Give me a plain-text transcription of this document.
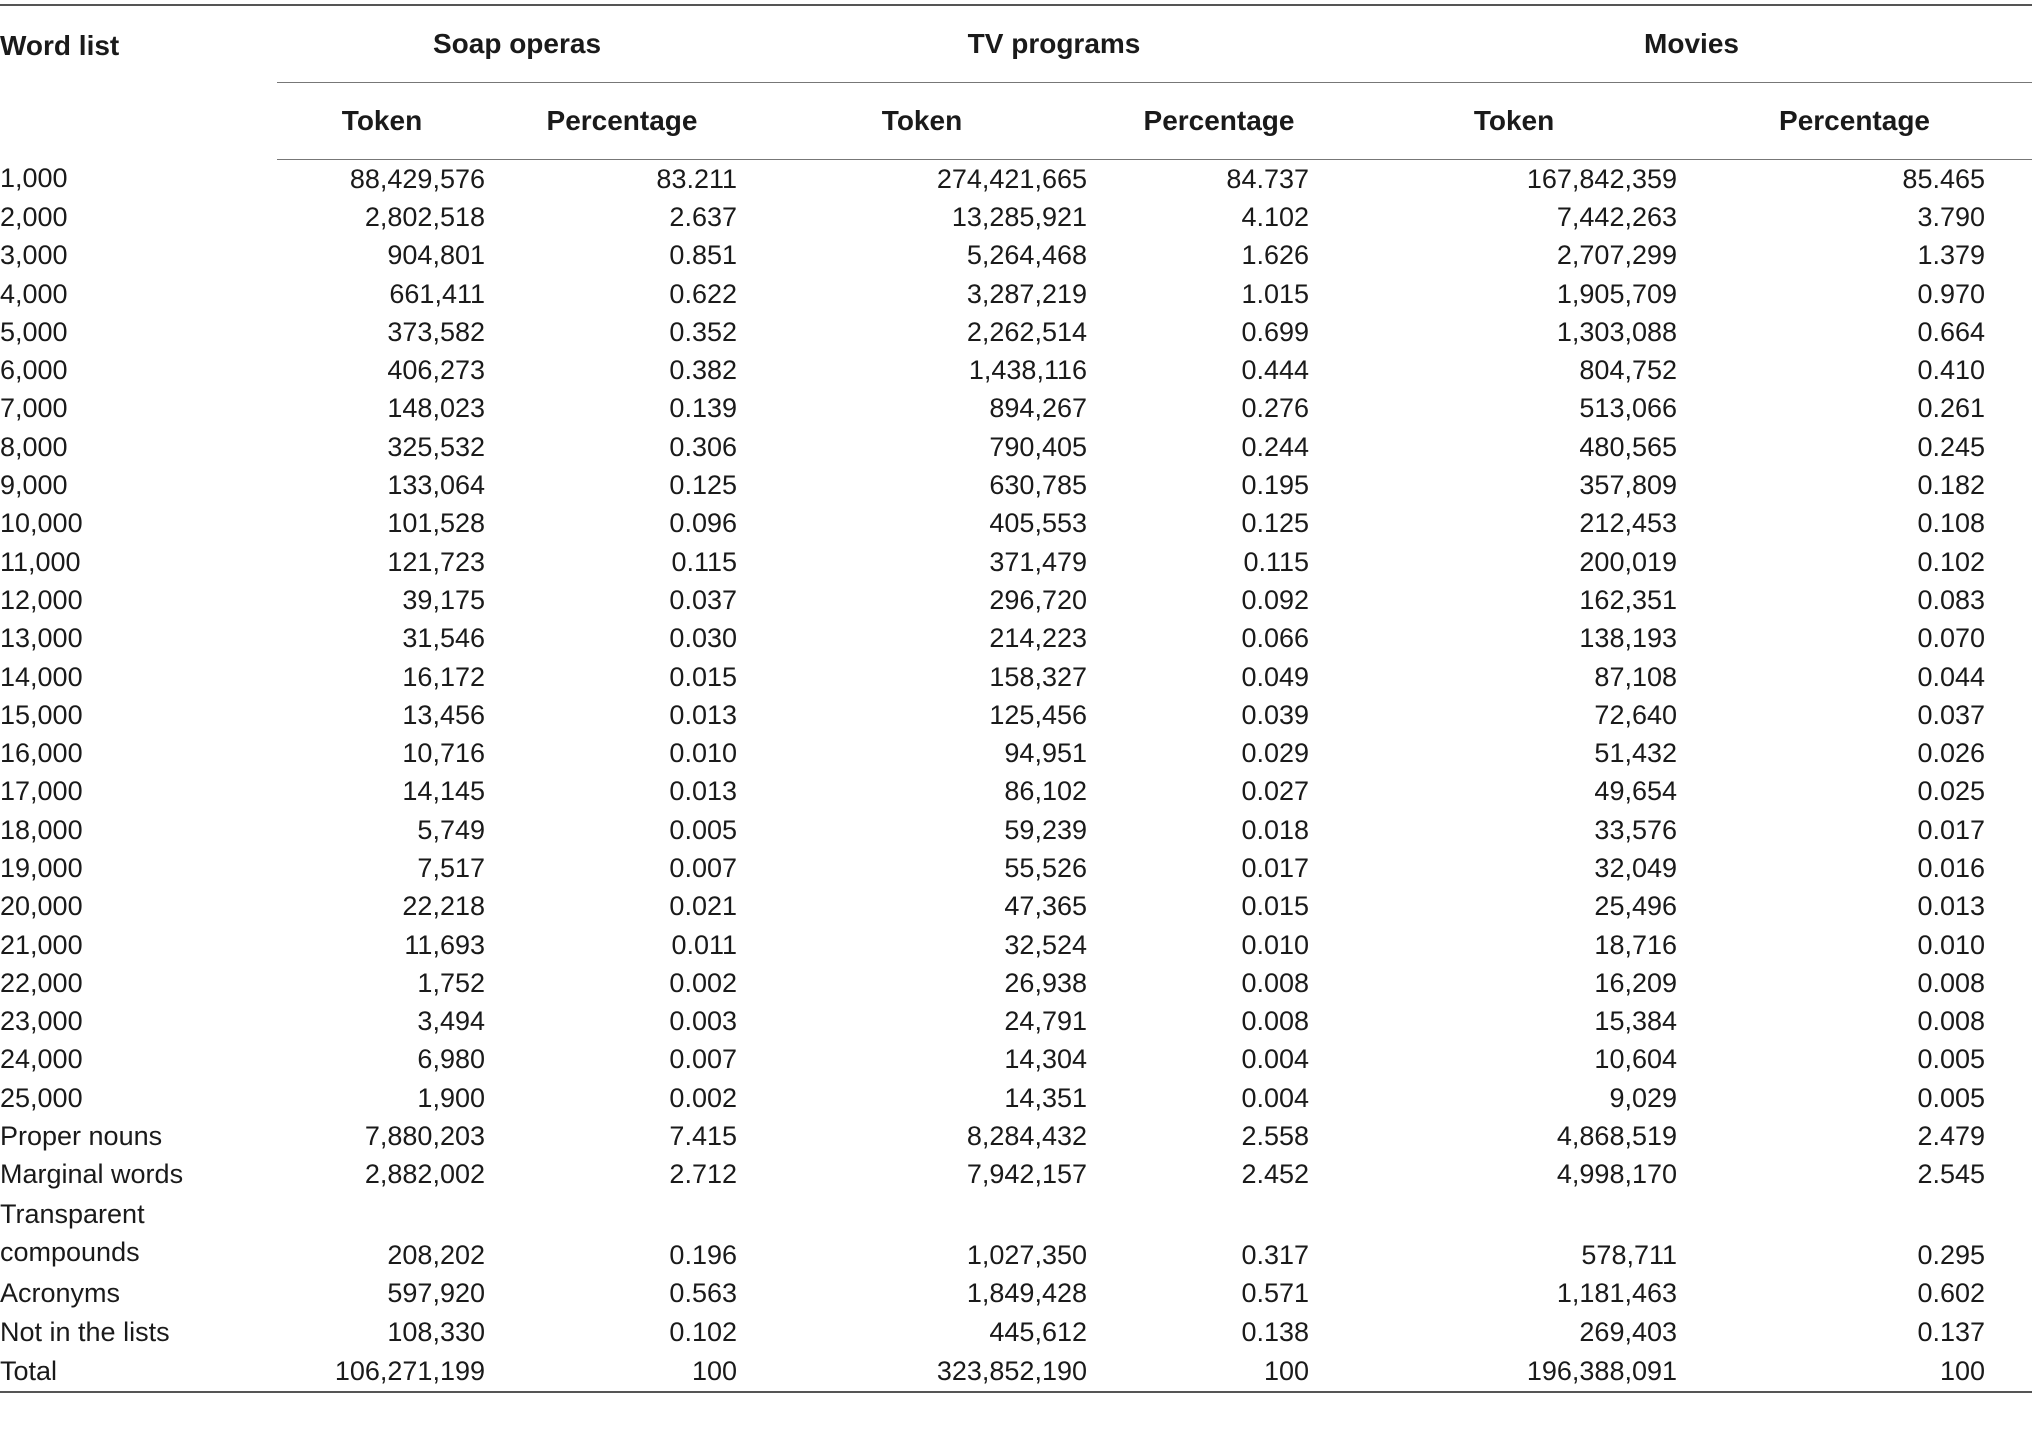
Word list	Soap operas		TV programs		Movies	
	Token	Percentage	Token	Percentage	Token	Percentage
1,000	88,429,576	83.211	274,421,665	84.737	167,842,359	85.465
2,000	2,802,518	2.637	13,285,921	4.102	7,442,263	3.790
3,000	904,801	0.851	5,264,468	1.626	2,707,299	1.379
4,000	661,411	0.622	3,287,219	1.015	1,905,709	0.970
5,000	373,582	0.352	2,262,514	0.699	1,303,088	0.664
6,000	406,273	0.382	1,438,116	0.444	804,752	0.410
7,000	148,023	0.139	894,267	0.276	513,066	0.261
8,000	325,532	0.306	790,405	0.244	480,565	0.245
9,000	133,064	0.125	630,785	0.195	357,809	0.182
10,000	101,528	0.096	405,553	0.125	212,453	0.108
11,000	121,723	0.115	371,479	0.115	200,019	0.102
12,000	39,175	0.037	296,720	0.092	162,351	0.083
13,000	31,546	0.030	214,223	0.066	138,193	0.070
14,000	16,172	0.015	158,327	0.049	87,108	0.044
15,000	13,456	0.013	125,456	0.039	72,640	0.037
16,000	10,716	0.010	94,951	0.029	51,432	0.026
17,000	14,145	0.013	86,102	0.027	49,654	0.025
18,000	5,749	0.005	59,239	0.018	33,576	0.017
19,000	7,517	0.007	55,526	0.017	32,049	0.016
20,000	22,218	0.021	47,365	0.015	25,496	0.013
21,000	11,693	0.011	32,524	0.010	18,716	0.010
22,000	1,752	0.002	26,938	0.008	16,209	0.008
23,000	3,494	0.003	24,791	0.008	15,384	0.008
24,000	6,980	0.007	14,304	0.004	10,604	0.005
25,000	1,900	0.002	14,351	0.004	9,029	0.005
Proper nouns	7,880,203	7.415	8,284,432	2.558	4,868,519	2.479
Marginal words	2,882,002	2.712	7,942,157	2.452	4,998,170	2.545
Transparent compounds	208,202	0.196	1,027,350	0.317	578,711	0.295
Acronyms	597,920	0.563	1,849,428	0.571	1,181,463	0.602
Not in the lists	108,330	0.102	445,612	0.138	269,403	0.137
Total	106,271,199	100	323,852,190	100	196,388,091	100
